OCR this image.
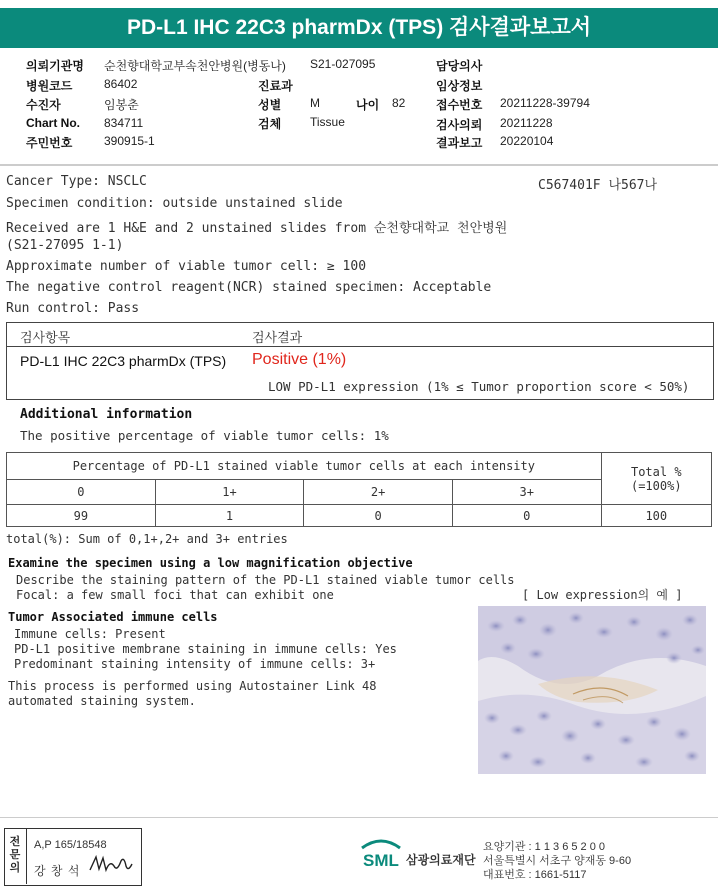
PD-L1 IHC 22C3 pharmDx (TPS) 검사결과보고서
의뢰기관명 순천향대학교부속천안병원(병동나) S21-027095	담당의사
병원코드	86402	진료과	임상정보
수진자	임봉춘	성별 M	나이 82	접수번호 20211228-39794
Chart No. 834711	검체 Tissue	검사의뢰 20211228
주민번호	390915-1	결과보고 20220104
Cancer Type: NSCLC	C567401F 나567나
Specimen condition: outside unstained slide
Received are 1 H&E and 2 unstained slides from 순천향대학교 천안병원
(S21-27095 1-1)
Approximate number of viable tumor cell: ≥ 100
The negative control reagent(NCR) stained specimen: Acceptable
Run control: Pass
검사항목	검사결과
PD-L1 IHC 22C3 pharmDx (TPS) Positive (1%)
LOW PD-L1 expression (1% ≤ Tumor proportion score < 50%)
Additional information
The positive percentage of viable tumor cells: 1%
Percentage of PD-L1 stained viable tumor cells at each intensity				Total %
(=100%)

0	1+	2+	3+	
99	1	0	0	100
total(%): Sum of 0,1+,2+ and 3+ entries
Examine the specimen using a low magnification objective
Describe the staining pattern of the PD-L1 stained viable tumor cells
Focal: a few small foci that can exhibit one
Tumor Associated immune cells
Immune cells: Present
PD-L1 positive membrane staining in immune cells: Yes
Predominant staining intensity of immune cells: 3+
This process is performed using Autostainer Link 48
automated staining system.
[ Low expression의 예 ]
전문의
A,P 165/18548
강 창 석
SML 삼광의료재단
요양기관 : 1 1 3 6 5 2 0 0
서울특별시 서초구 양재동 9-60
대표번호 : 1661-5117
